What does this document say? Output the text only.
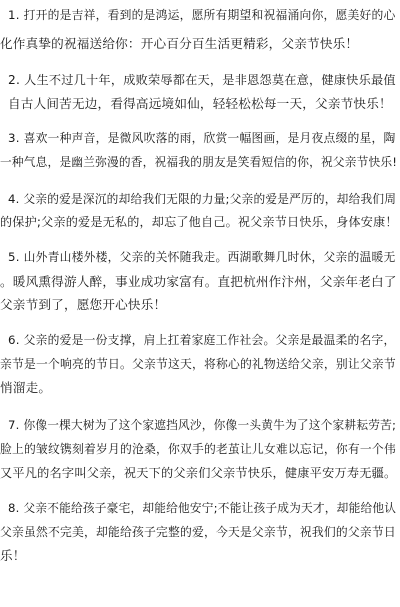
1. 打开的是吉祥，看到的是鸿运，愿所有期望和祝福涌向你，愿美好的心
化作真挚的祝福送给你：开心百分百生活更精彩，父亲节快乐！
2. 人生不过几十年，成败荣辱都在天，是非恩怨莫在意，健康快乐最值
自古人间苦无边，看得高远境如仙，轻轻松松每一天，父亲节快乐！
3. 喜欢一种声音，是微风吹落的雨，欣赏一幅图画，是月夜点缀的星，陶
一种气息，是幽兰弥漫的香，祝福我的朋友是笑看短信的你，祝父亲节快乐!
4. 父亲的爱是深沉的却给我们无限的力量;父亲的爱是严厉的，却给我们周
的保护;父亲的爱是无私的，却忘了他自己。祝父亲节日快乐，身体安康！
5. 山外青山楼外楼，父亲的关怀随我走。西湖歌舞几时休，父亲的温暖无
。暖风熏得游人醉，事业成功家富有。直把杭州作汴州，父亲年老白了
父亲节到了，愿您开心快乐！
6. 父亲的爱是一份支撑，肩上扛着家庭工作社会。父亲是最温柔的名字，
亲节是一个响亮的节日。父亲节这天，将称心的礼物送给父亲，别让父亲节
悄溜走。
7. 你像一棵大树为了这个家遮挡风沙，你像一头黄牛为了这个家耕耘劳苦;
脸上的皱纹镌刻着岁月的沧桑，你双手的老茧让儿女难以忘记，你有一个伟
又平凡的名字叫父亲，祝天下的父亲们父亲节快乐，健康平安万寿无疆。
8. 父亲不能给孩子豪宅，却能给他安宁;不能让孩子成为天才，却能给他认
父亲虽然不完美，却能给孩子完整的爱，今天是父亲节，祝我们的父亲节日
乐！
